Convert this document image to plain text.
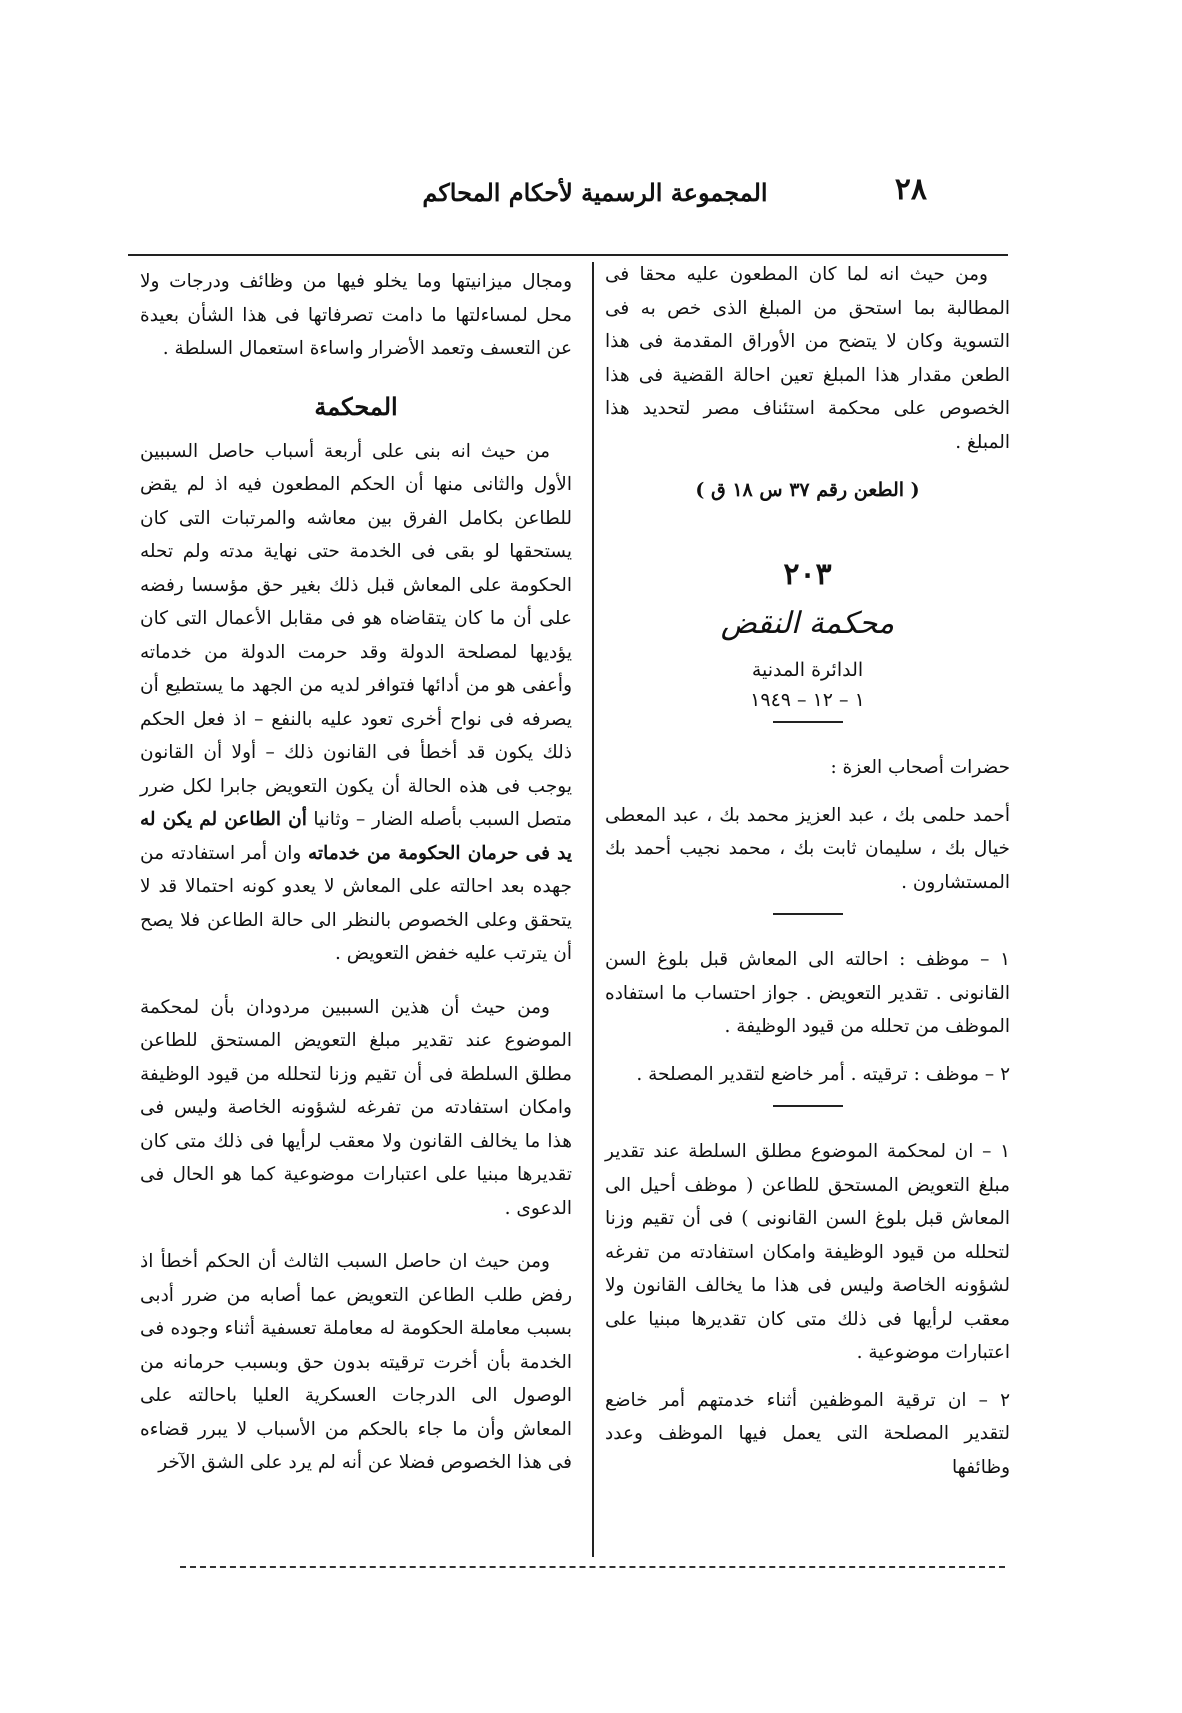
٢٨
المجموعة الرسمية لأحكام المحاكم

ومن حيث انه لما كان المطعون عليه محقا فى المطالبة بما استحق من المبلغ الذى خص به فى التسوية وكان لا يتضح من الأوراق المقدمة فى هذا الطعن مقدار هذا المبلغ تعين احالة القضية فى هذا الخصوص على محكمة استئناف مصر لتحديد هذا المبلغ .

( الطعن رقم ٣٧ س ١٨ ق )
٢٠٣
محكمة النقض
الدائرة المدنية
١ – ١٢ – ١٩٤٩

حضرات أصحاب العزة :

أحمد حلمى بك ، عبد العزيز محمد بك ، عبد المعطى خيال بك ، سليمان ثابت بك ، محمد نجيب أحمد بك المستشارون .

١ – موظف : احالته الى المعاش قبل بلوغ السن القانونى . تقدير التعويض . جواز احتساب ما استفاده الموظف من تحلله من قيود الوظيفة .

٢ – موظف : ترقيته . أمر خاضع لتقدير المصلحة .

١ – ان لمحكمة الموضوع مطلق السلطة عند تقدير مبلغ التعويض المستحق للطاعن ( موظف أحيل الى المعاش قبل بلوغ السن القانونى ) فى أن تقيم وزنا لتحلله من قيود الوظيفة وامكان استفادته من تفرغه لشؤونه الخاصة وليس فى هذا ما يخالف القانون ولا معقب لرأيها فى ذلك متى كان تقديرها مبنيا على اعتبارات موضوعية .

٢ – ان ترقية الموظفين أثناء خدمتهم أمر خاضع لتقدير المصلحة التى يعمل فيها الموظف وعدد وظائفها

ومجال ميزانيتها وما يخلو فيها من وظائف ودرجات ولا محل لمساءلتها ما دامت تصرفاتها فى هذا الشأن بعيدة عن التعسف وتعمد الأضرار واساءة استعمال السلطة .

المحكمة

من حيث انه بنى على أربعة أسباب حاصل السببين الأول والثانى منها أن الحكم المطعون فيه اذ لم يقض للطاعن بكامل الفرق بين معاشه والمرتبات التى كان يستحقها لو بقى فى الخدمة حتى نهاية مدته ولم تحله الحكومة على المعاش قبل ذلك بغير حق مؤسسا رفضه على أن ما كان يتقاضاه هو فى مقابل الأعمال التى كان يؤديها لمصلحة الدولة وقد حرمت الدولة من خدماته وأعفى هو من أدائها فتوافر لديه من الجهد ما يستطيع أن يصرفه فى نواح أخرى تعود عليه بالنفع – اذ فعل الحكم ذلك يكون قد أخطأ فى القانون ذلك – أولا أن القانون يوجب فى هذه الحالة أن يكون التعويض جابرا لكل ضرر متصل السبب بأصله الضار – وثانيا أن الطاعن لم يكن له يد فى حرمان الحكومة من خدماته وان أمر استفادته من جهده بعد احالته على المعاش لا يعدو كونه احتمالا قد لا يتحقق وعلى الخصوص بالنظر الى حالة الطاعن فلا يصح أن يترتب عليه خفض التعويض .

ومن حيث أن هذين السببين مردودان بأن لمحكمة الموضوع عند تقدير مبلغ التعويض المستحق للطاعن مطلق السلطة فى أن تقيم وزنا لتحلله من قيود الوظيفة وامكان استفادته من تفرغه لشؤونه الخاصة وليس فى هذا ما يخالف القانون ولا معقب لرأيها فى ذلك متى كان تقديرها مبنيا على اعتبارات موضوعية كما هو الحال فى الدعوى .

ومن حيث ان حاصل السبب الثالث أن الحكم أخطأ اذ رفض طلب الطاعن التعويض عما أصابه من ضرر أدبى بسبب معاملة الحكومة له معاملة تعسفية أثناء وجوده فى الخدمة بأن أخرت ترقيته بدون حق وبسبب حرمانه من الوصول الى الدرجات العسكرية العليا باحالته على المعاش وأن ما جاء بالحكم من الأسباب لا يبرر قضاءه فى هذا الخصوص فضلا عن أنه لم يرد على الشق الآخر
